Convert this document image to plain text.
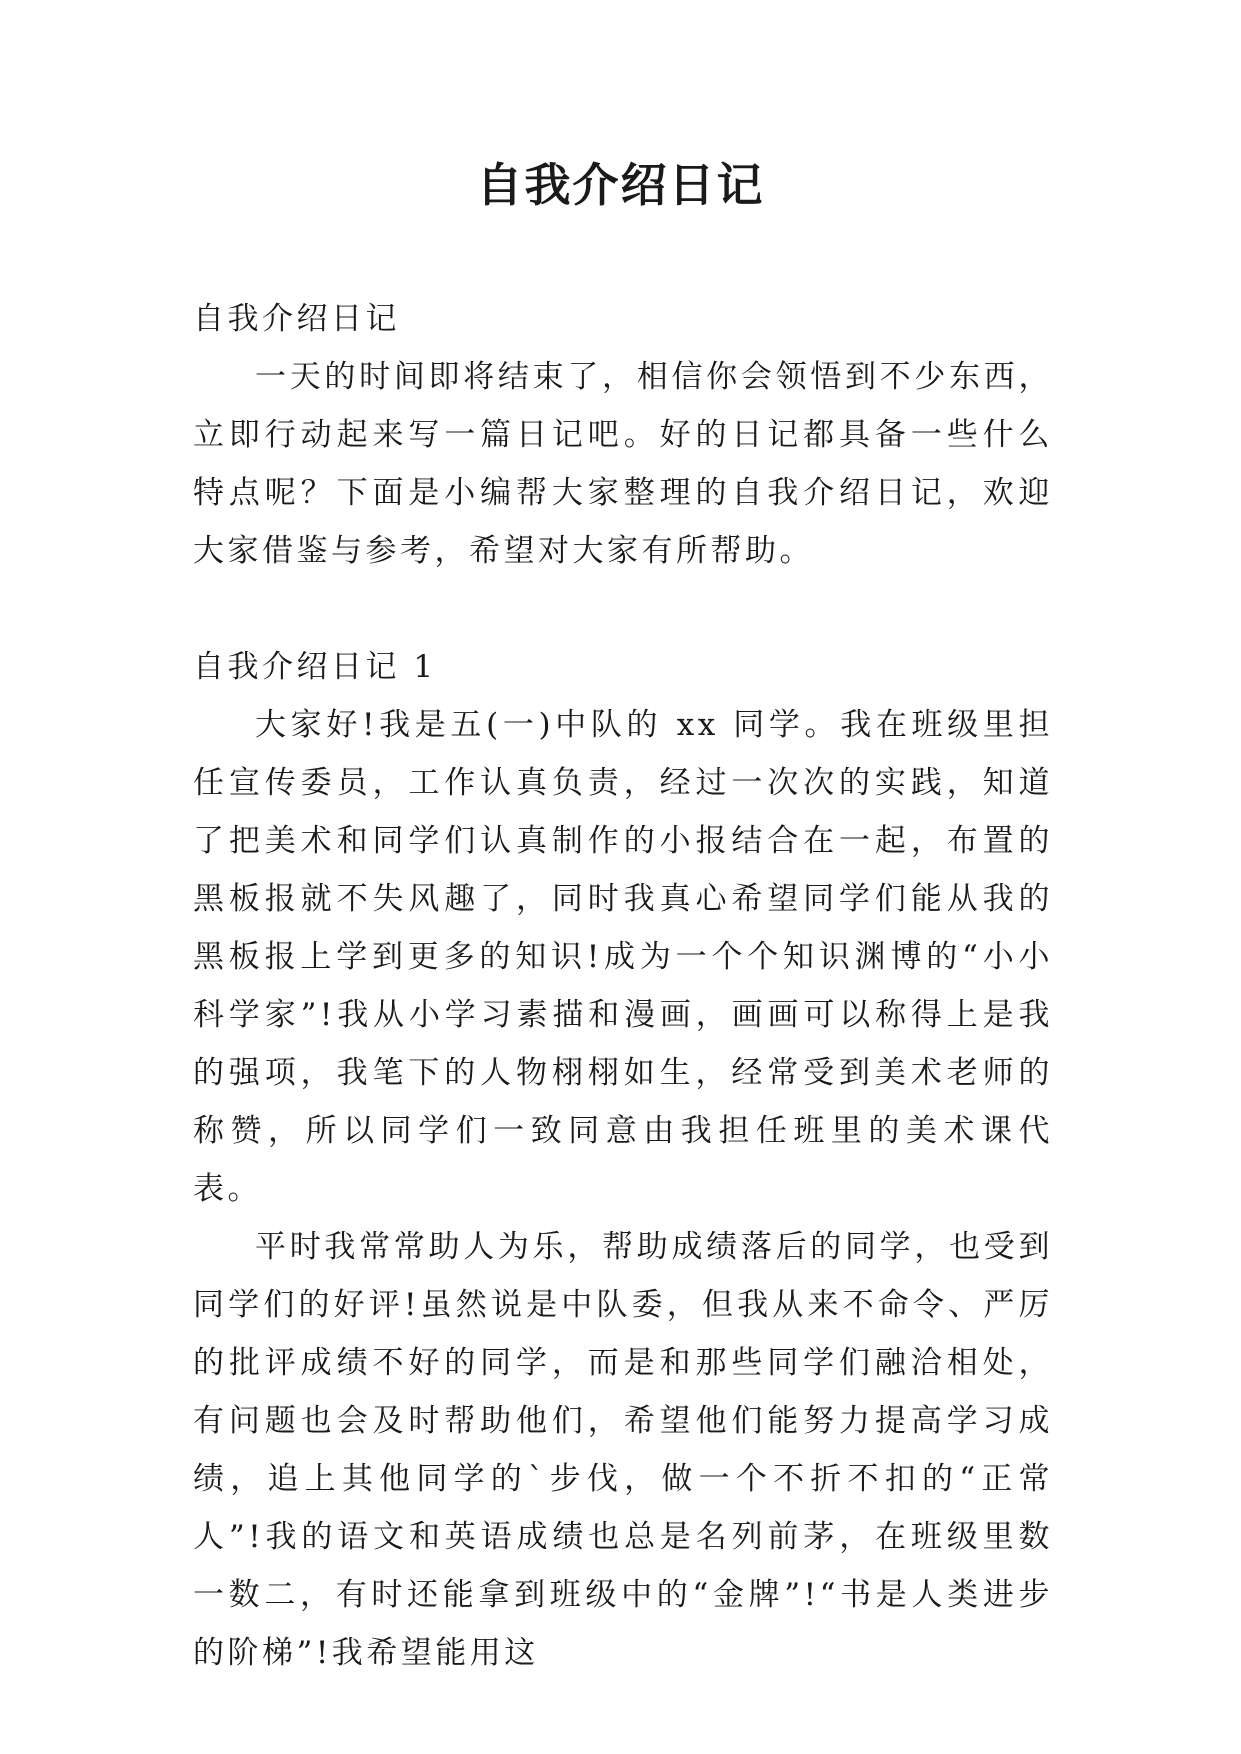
自我介绍日记

自我介绍日记

一天的时间即将结束了，相信你会领悟到不少东西，立即行动起来写一篇日记吧。好的日记都具备一些什么特点呢？下面是小编帮大家整理的自我介绍日记，欢迎大家借鉴与参考，希望对大家有所帮助。

自我介绍日记 1

大家好!我是五(一)中队的 xx 同学。我在班级里担任宣传委员，工作认真负责，经过一次次的实践，知道了把美术和同学们认真制作的小报结合在一起，布置的黑板报就不失风趣了，同时我真心希望同学们能从我的黑板报上学到更多的知识!成为一个个知识渊博的“小小科学家”!我从小学习素描和漫画，画画可以称得上是我的强项，我笔下的人物栩栩如生，经常受到美术老师的称赞，所以同学们一致同意由我担任班里的美术课代表。

平时我常常助人为乐，帮助成绩落后的同学，也受到同学们的好评!虽然说是中队委，但我从来不命令、严厉的批评成绩不好的同学，而是和那些同学们融洽相处，有问题也会及时帮助他们，希望他们能努力提高学习成绩，追上其他同学的`步伐，做一个不折不扣的“正常人”!我的语文和英语成绩也总是名列前茅，在班级里数一数二，有时还能拿到班级中的“金牌”!“书是人类进步的阶梯”!我希望能用这
